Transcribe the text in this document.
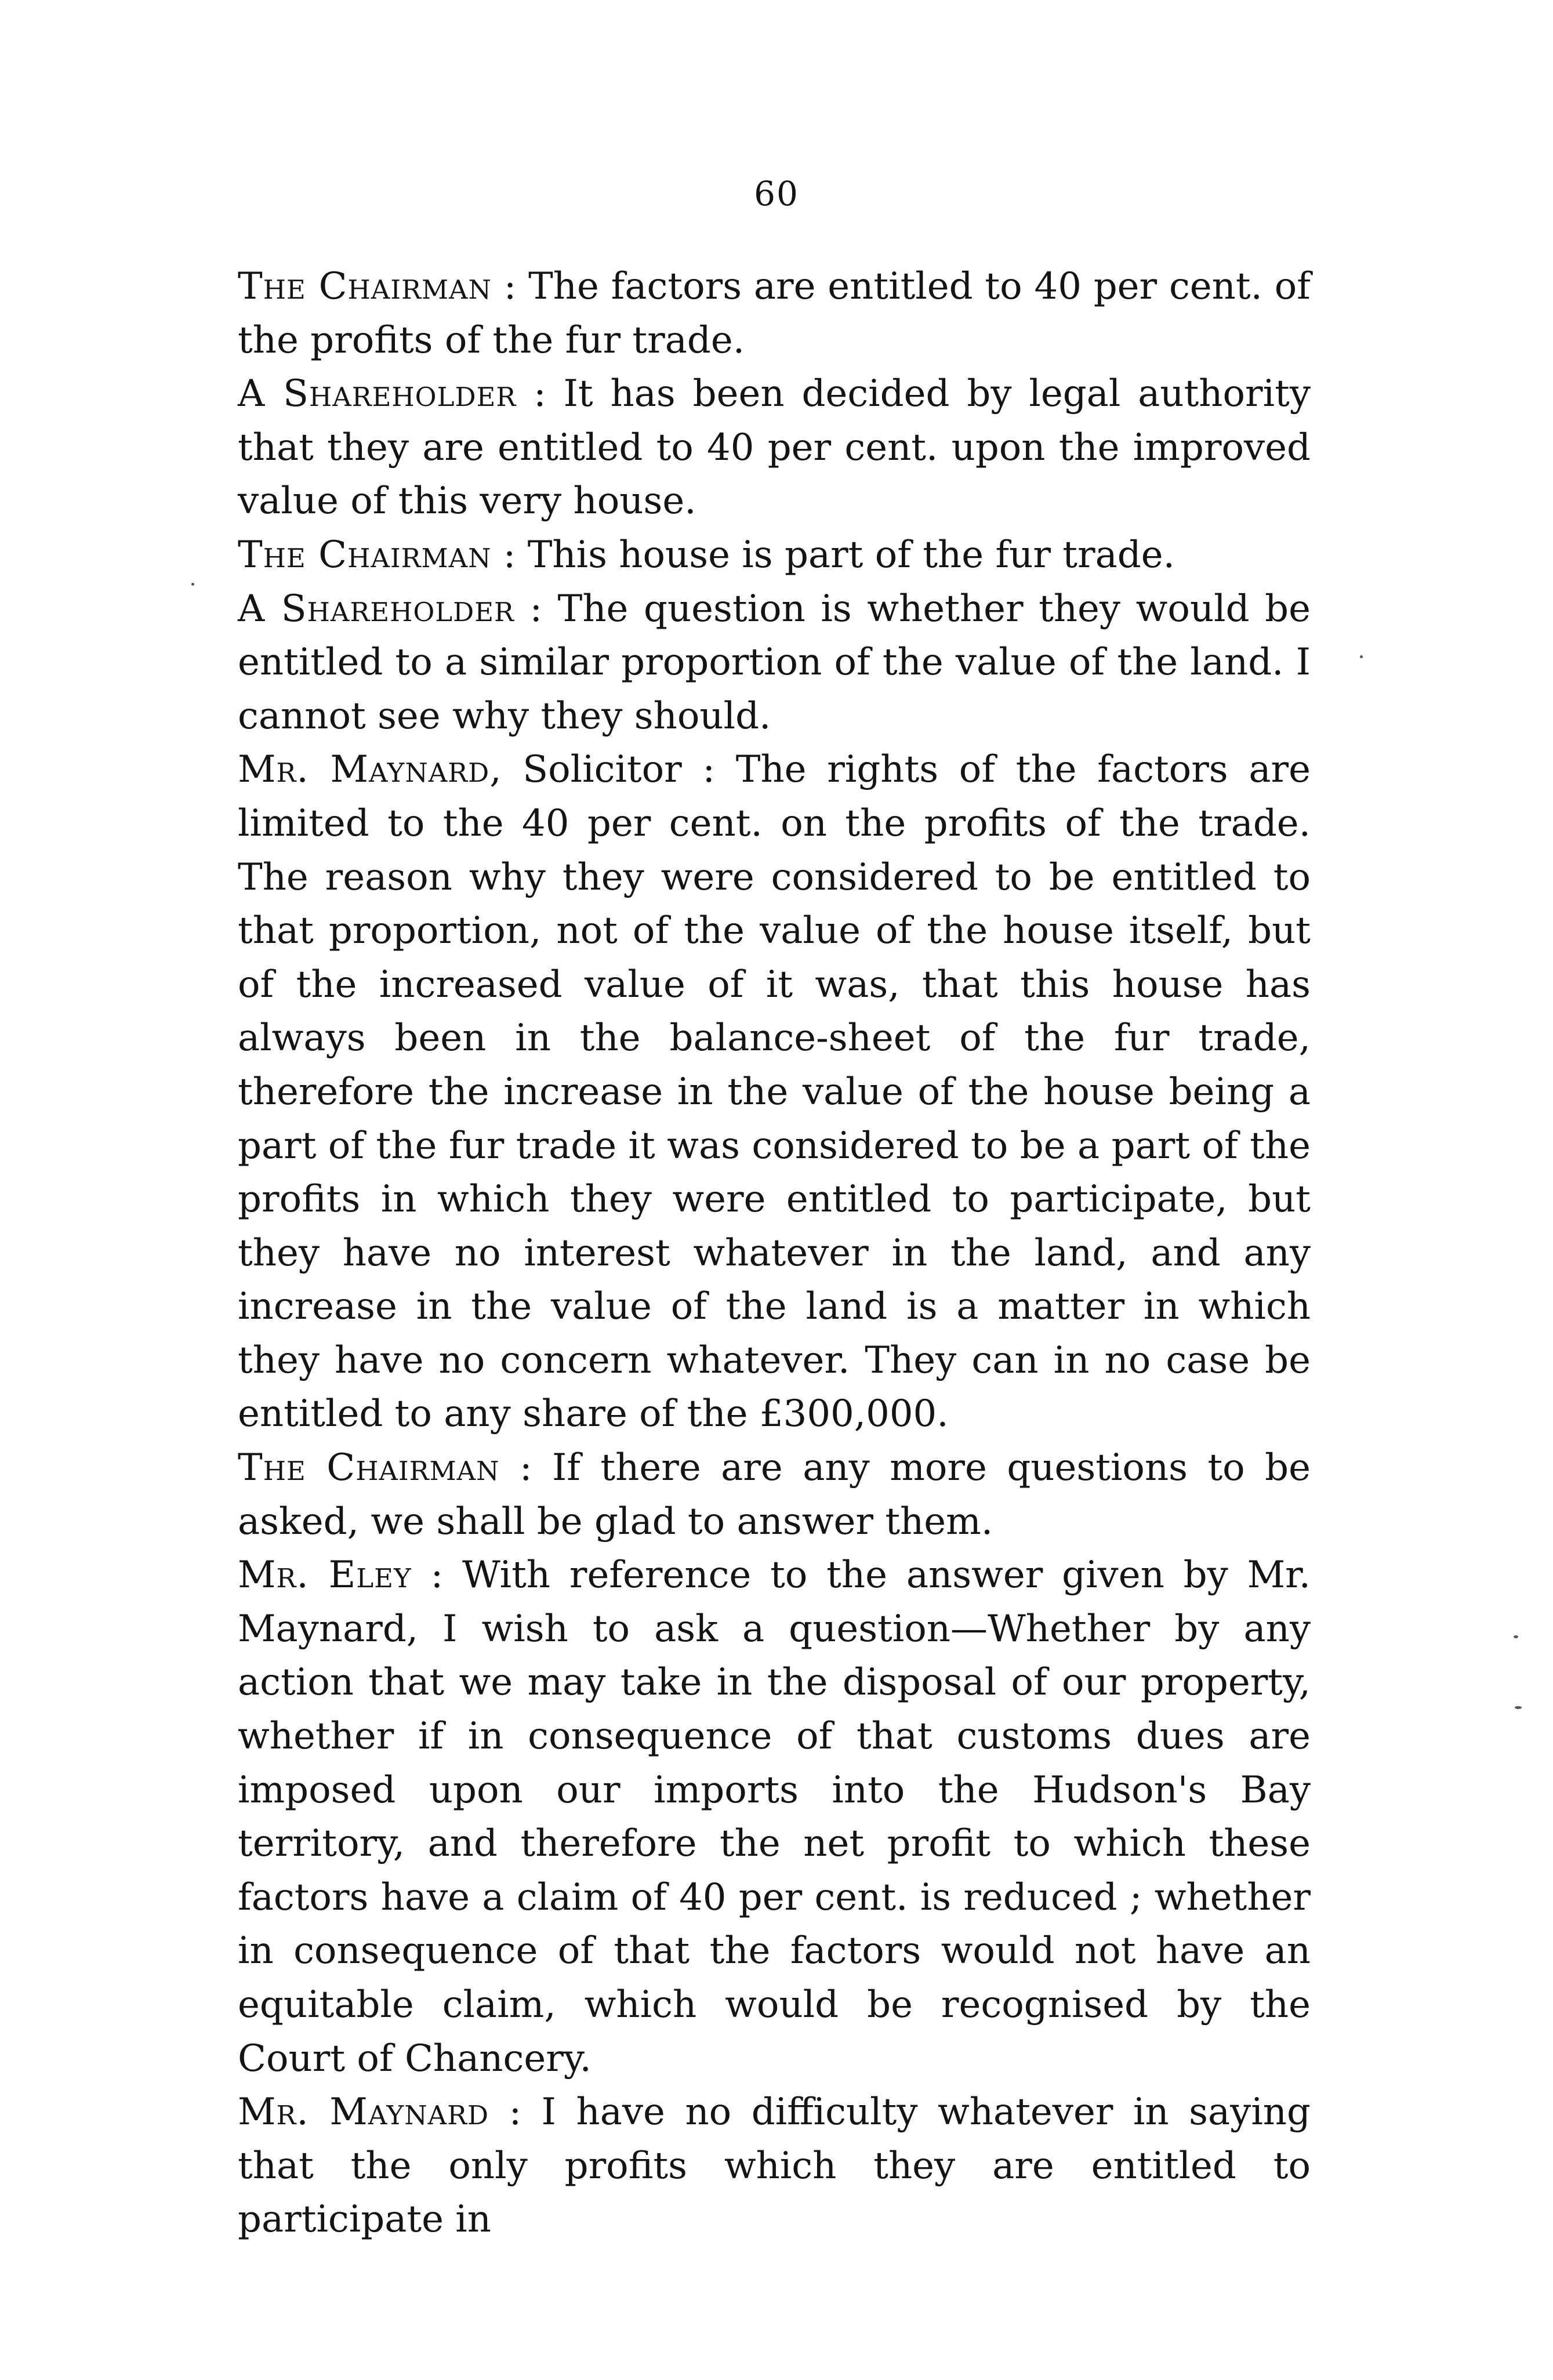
60

The Chairman : The factors are entitled to 40 per cent. of the profits of the fur trade.

A Shareholder : It has been decided by legal authority that they are entitled to 40 per cent. upon the improved value of this very house.

The Chairman : This house is part of the fur trade.

A Shareholder : The question is whether they would be entitled to a similar proportion of the value of the land. I cannot see why they should.

Mr. Maynard, Solicitor : The rights of the factors are limited to the 40 per cent. on the profits of the trade. The reason why they were considered to be entitled to that proportion, not of the value of the house itself, but of the increased value of it was, that this house has always been in the balance-sheet of the fur trade, therefore the increase in the value of the house being a part of the fur trade it was considered to be a part of the profits in which they were entitled to participate, but they have no interest whatever in the land, and any increase in the value of the land is a matter in which they have no concern whatever. They can in no case be entitled to any share of the £300,000.

The Chairman : If there are any more questions to be asked, we shall be glad to answer them.

Mr. Eley : With reference to the answer given by Mr. Maynard, I wish to ask a question—Whether by any action that we may take in the disposal of our property, whether if in consequence of that customs dues are imposed upon our imports into the Hudson's Bay territory, and therefore the net profit to which these factors have a claim of 40 per cent. is reduced ; whether in consequence of that the factors would not have an equitable claim, which would be recognised by the Court of Chancery.

Mr. Maynard : I have no difficulty whatever in saying that the only profits which they are entitled to participate in
